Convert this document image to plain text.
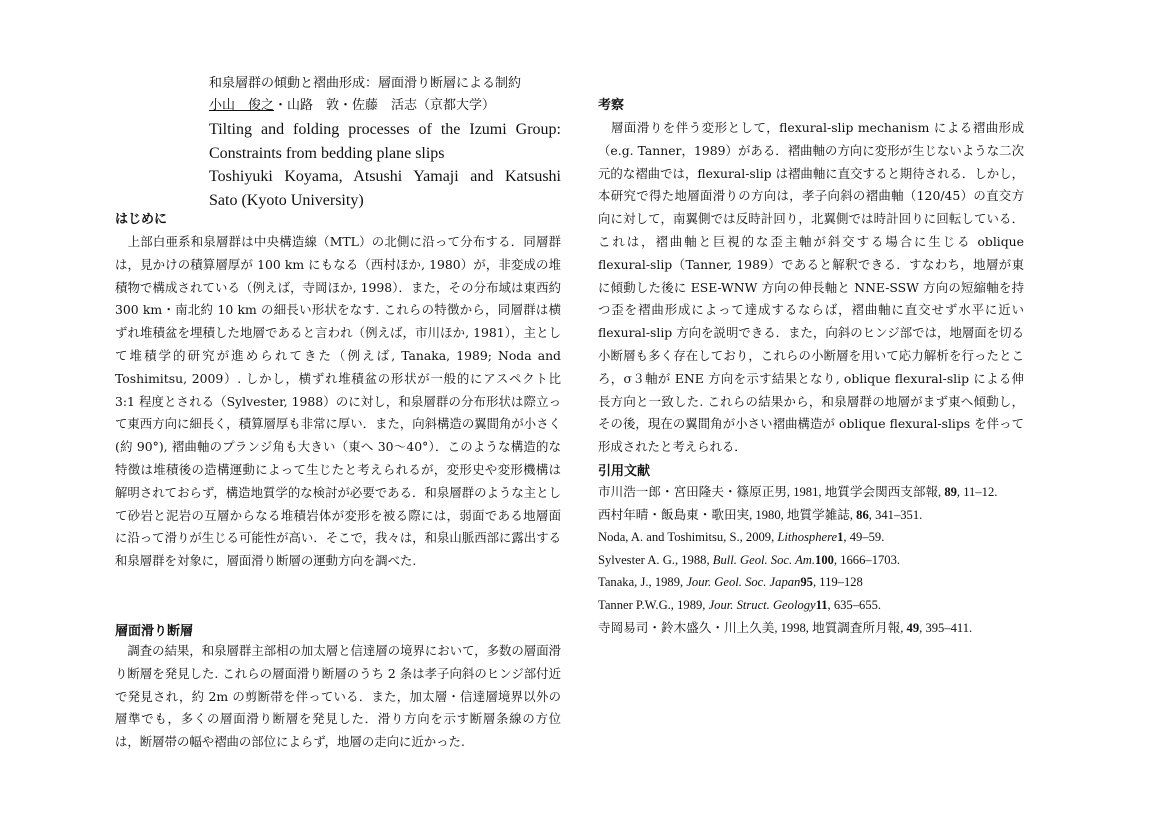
和泉層群の傾動と褶曲形成：層面滑り断層による制約
小山　俊之・山路　敦・佐藤　活志（京都大学）
Tilting and folding processes of the Izumi Group:
Constraints from bedding plane slips
Toshiyuki Koyama, Atsushi Yamaji and Katsushi
Sato (Kyoto University)
はじめに
　上部白亜系和泉層群は中央構造線（MTL）の北側に沿って分布する．同層群は，見かけの積算層厚が 100 km にもなる（西村ほか, 1980）が，非変成の堆積物で構成されている（例えば，寺岡ほか, 1998）．また，その分布域は東西約 300 km・南北約 10 km の細長い形状をなす. これらの特徴から，同層群は横ずれ堆積盆を埋積した地層であると言われ（例えば，市川ほか, 1981），主として堆積学的研究が進められてきた（例えば, Tanaka, 1989; Noda and Toshimitsu, 2009）. しかし，横ずれ堆積盆の形状が一般的にアスペクト比 3:1 程度とされる（Sylvester, 1988）のに対し，和泉層群の分布形状は際立って東西方向に細長く，積算層厚も非常に厚い．また，向斜構造の翼間角が小さく (約 90°), 褶曲軸のプランジ角も大きい（東へ 30〜40°）．このような構造的な特徴は堆積後の造構運動によって生じたと考えられるが，変形史や変形機構は解明されておらず，構造地質学的な検討が必要である．和泉層群のような主として砂岩と泥岩の互層からなる堆積岩体が変形を被る際には，弱面である地層面に沿って滑りが生じる可能性が高い．そこで，我々は，和泉山脈西部に露出する和泉層群を対象に，層面滑り断層の運動方向を調べた.
層面滑り断層
　調査の結果，和泉層群主部相の加太層と信達層の境界において，多数の層面滑り断層を発見した. これらの層面滑り断層のうち 2 条は孝子向斜のヒンジ部付近で発見され，約 2m の剪断帯を伴っている．また，加太層・信達層境界以外の層準でも，多くの層面滑り断層を発見した．滑り方向を示す断層条線の方位は，断層帯の幅や褶曲の部位によらず，地層の走向に近かった.
考察
　層面滑りを伴う変形として，flexural-slip mechanism による褶曲形成（e.g. Tanner，1989）がある．褶曲軸の方向に変形が生じないような二次元的な褶曲では，flexural-slip は褶曲軸に直交すると期待される．しかし，本研究で得た地層面滑りの方向は，孝子向斜の褶曲軸（120/45）の直交方向に対して，南翼側では反時計回り，北翼側では時計回りに回転している．これは，褶曲軸と巨視的な歪主軸が斜交する場合に生じる oblique flexural-slip（Tanner, 1989）であると解釈できる．すなわち，地層が東に傾動した後に ESE-WNW 方向の伸長軸と NNE-SSW 方向の短縮軸を持つ歪を褶曲形成によって達成するならば，褶曲軸に直交せず水平に近い flexural-slip 方向を説明できる．また，向斜のヒンジ部では，地層面を切る小断層も多く存在しており，これらの小断層を用いて応力解析を行ったところ，σ３軸が ENE 方向を示す結果となり, oblique flexural-slip による伸長方向と一致した. これらの結果から，和泉層群の地層がまず東へ傾動し，その後，現在の翼間角が小さい褶曲構造が oblique flexural-slips を伴って形成されたと考えられる．
引用文献
市川浩一郎・宮田隆夫・篠原正男, 1981, 地質学会関西支部報, 89, 11–12.
西村年晴・飯島東・歌田実, 1980, 地質学雑誌, 86, 341–351.
Noda, A. and Toshimitsu, S., 2009, Lithosphere1, 49–59.
Sylvester A. G., 1988, Bull. Geol. Soc. Am.100, 1666–1703.
Tanaka, J., 1989, Jour. Geol. Soc. Japan95, 119–128
Tanner P.W.G., 1989, Jour. Struct. Geology11, 635–655.
寺岡易司・鈴木盛久・川上久美, 1998, 地質調査所月報, 49, 395–411.
